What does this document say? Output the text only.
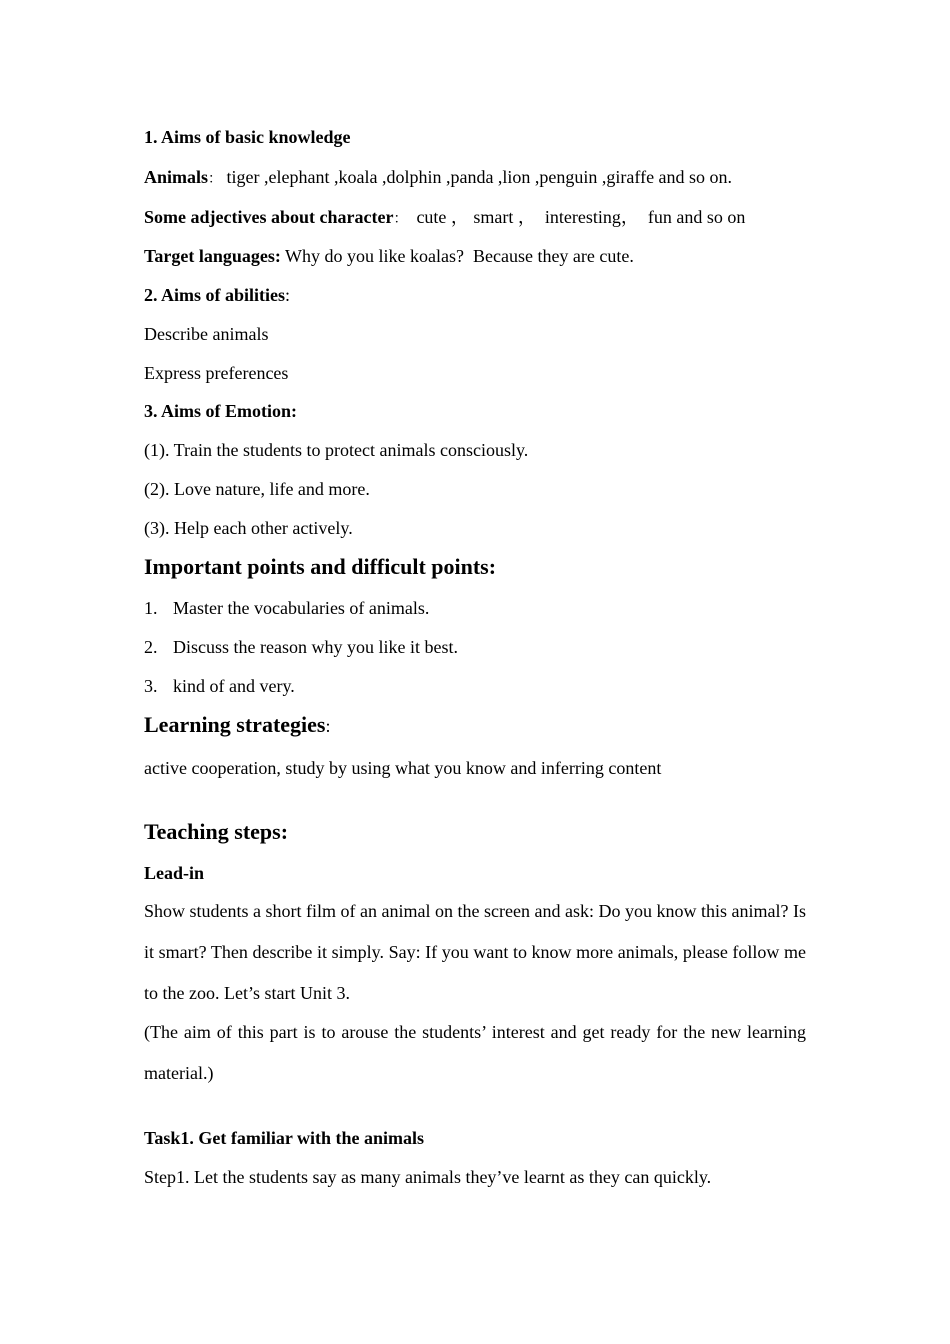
1. Aims of basic knowledge
Animals： tiger ,elephant ,koala ,dolphin ,panda ,lion ,penguin ,giraffe and so on.
Some adjectives about character：  cute ， smart ，  interesting，  fun and so on
Target languages: Why do you like koalas?  Because they are cute.
2. Aims of abilities:
Describe animals
Express preferences
3. Aims of Emotion:
(1). Train the students to protect animals consciously.
(2). Love nature, life and more.
(3). Help each other actively.
Important points and difficult points:
1. Master the vocabularies of animals.
2. Discuss the reason why you like it best.
3. kind of and very.
Learning strategies:
active cooperation, study by using what you know and inferring content
Teaching steps:
Lead-in
Show students a short film of an animal on the screen and ask: Do you know this animal? Is it smart? Then describe it simply. Say: If you want to know more animals, please follow me to the zoo. Let’s start Unit 3.
(The aim of this part is to arouse the students’ interest and get ready for the new learning material.)
Task1. Get familiar with the animals
Step1. Let the students say as many animals they’ve learnt as they can quickly.
